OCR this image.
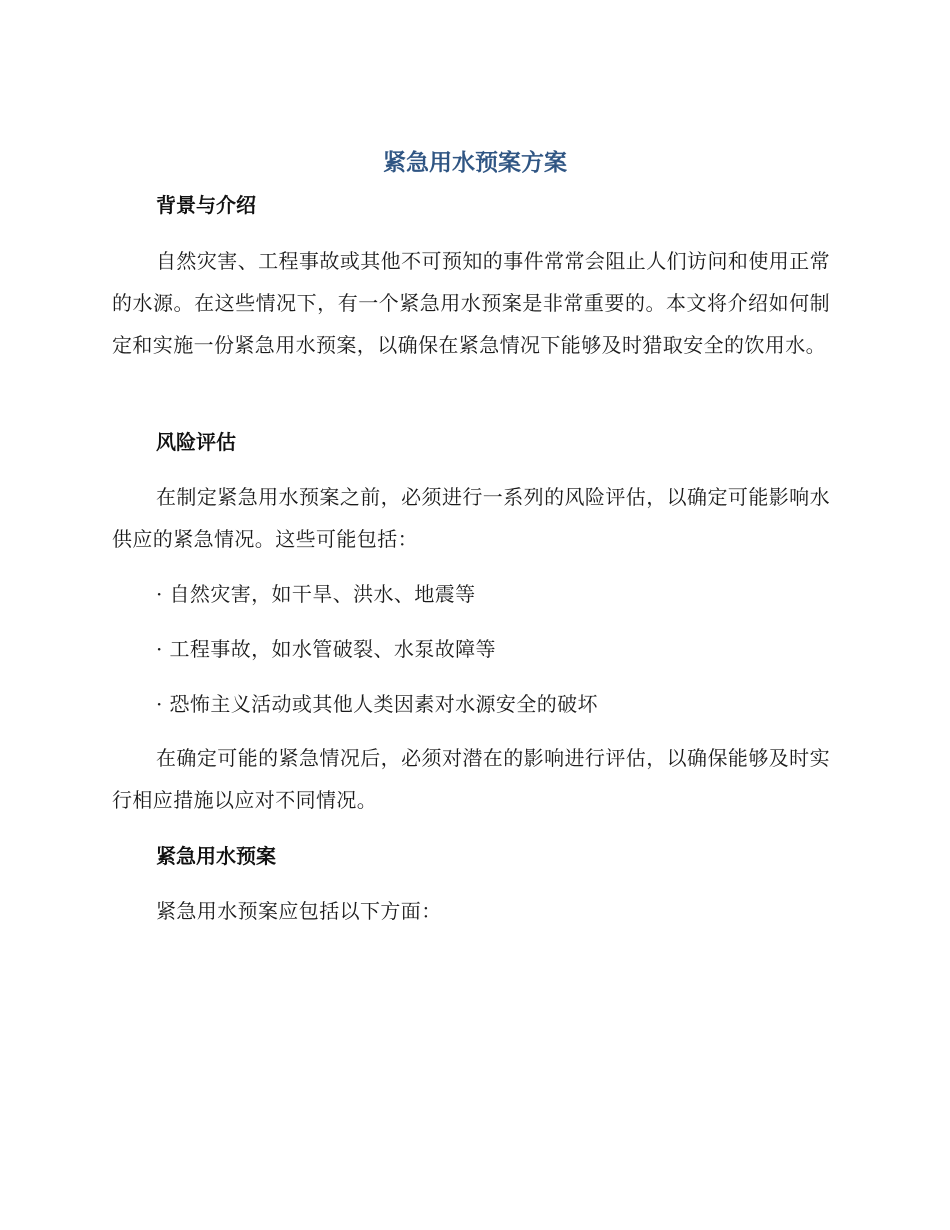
紧急用水预案方案
背景与介绍

自然灾害、工程事故或其他不可预知的事件常常会阻止人们访问和使用正常的水源。在这些情况下，有一个紧急用水预案是非常重要的。本文将介绍如何制定和实施一份紧急用水预案，以确保在紧急情况下能够及时猎取安全的饮用水。

风险评估

在制定紧急用水预案之前，必须进行一系列的风险评估，以确定可能影响水供应的紧急情况。这些可能包括：

· 自然灾害，如干旱、洪水、地震等

· 工程事故，如水管破裂、水泵故障等

· 恐怖主义活动或其他人类因素对水源安全的破坏

在确定可能的紧急情况后，必须对潜在的影响进行评估，以确保能够及时实行相应措施以应对不同情况。

紧急用水预案

紧急用水预案应包括以下方面：
